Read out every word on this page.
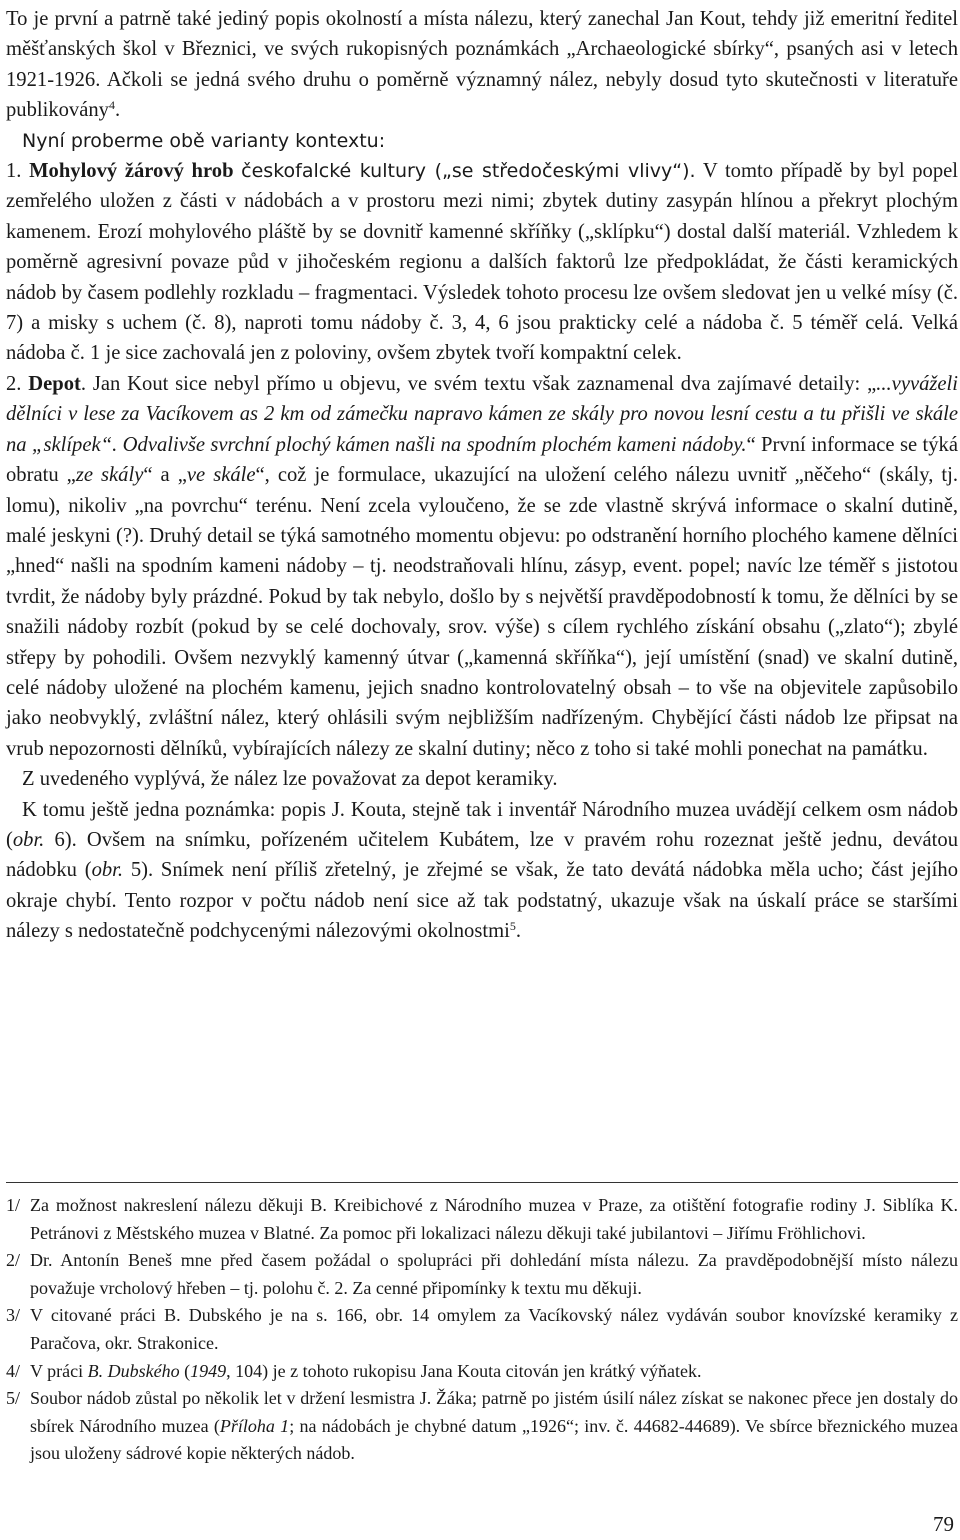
To je první a patrně také jediný popis okolností a místa nálezu, který zanechal Jan Kout, tehdy již emeritní ředitel měšťanských škol v Březnici, ve svých rukopisných poznámkách „Archaeologické sbírky“, psaných asi v letech 1921-1926. Ačkoli se jedná svého druhu o poměrně významný nález, nebyly dosud tyto skutečnosti v literatuře publikovány$^4$.

Nyní proberme obě varianty kontextu:

1. Mohylový žárový hrob českofalcké kultury („se středočeskými vlivy“). V tomto případě by byl popel zemřelého uložen z části v nádobách a v prostoru mezi nimi; zbytek dutiny zasypán hlínou a překryt plochým kamenem. Erozí mohylového pláště by se dovnitř kamenné skříňky („sklípku“) dostal další materiál. Vzhledem k poměrně agresivní povaze půd v jihočeském regionu a dalších faktorů lze předpokládat, že části keramických nádob by časem podlehly rozkladu – fragmentaci. Výsledek tohoto procesu lze ovšem sledovat jen u velké mísy (č. 7) a misky s uchem (č. 8), naproti tomu nádoby č. 3, 4, 6 jsou prakticky celé a nádoba č. 5 téměř celá. Velká nádoba č. 1 je sice zachovalá jen z poloviny, ovšem zbytek tvoří kompaktní celek.

2. Depot. Jan Kout sice nebyl přímo u objevu, ve svém textu však zaznamenal dva zajímavé detaily: „...vyváželi dělníci v lese za Vacíkovem as 2 km od zámečku napravo kámen ze skály pro novou lesní cestu a tu přišli ve skále na „sklípek“. Odvalivše svrchní plochý kámen našli na spodním plochém kameni nádoby.“ První informace se týká obratu „ze skály“ a „ve skále“, což je formulace, ukazující na uložení celého nálezu uvnitř „něčeho“ (skály, tj. lomu), nikoliv „na povrchu“ terénu. Není zcela vyloučeno, že se zde vlastně skrývá informace o skalní dutině, malé jeskyni (?). Druhý detail se týká samotného momentu objevu: po odstranění horního plochého kamene dělníci „hned“ našli na spodním kameni nádoby – tj. neodstraňovali hlínu, zásyp, event. popel; navíc lze téměř s jistotou tvrdit, že nádoby byly prázdné. Pokud by tak nebylo, došlo by s největší pravděpodobností k tomu, že dělníci by se snažili nádoby rozbít (pokud by se celé dochovaly, srov. výše) s cílem rychlého získání obsahu („zlato“); zbylé střepy by pohodili. Ovšem nezvyklý kamenný útvar („kamenná skříňka“), její umístění (snad) ve skalní dutině, celé nádoby uložené na plochém kamenu, jejich snadno kontrolovatelný obsah – to vše na objevitele zapůsobilo jako neobvyklý, zvláštní nález, který ohlásili svým nejbližším nadřízeným. Chybějící části nádob lze připsat na vrub nepozornosti dělníků, vybírajících nálezy ze skalní dutiny; něco z toho si také mohli ponechat na památku.

Z uvedeného vyplývá, že nález lze považovat za depot keramiky.

K tomu ještě jedna poznámka: popis J. Kouta, stejně tak i inventář Národního muzea uvádějí celkem osm nádob (obr. 6). Ovšem na snímku, pořízeném učitelem Kubátem, lze v pravém rohu rozeznat ještě jednu, devátou nádobku (obr. 5). Snímek není příliš zřetelný, je zřejmé se však, že tato devátá nádobka měla ucho; část jejího okraje chybí. Tento rozpor v počtu nádob není sice až tak podstatný, ukazuje však na úskalí práce se staršími nálezy s nedostatečně podchycenými nálezovými okolnostmi$^5$.

1/ Za možnost nakreslení nálezu děkuji B. Kreibichové z Národního muzea v Praze, za otištění fotografie rodiny J. Siblíka K. Petránovi z Městského muzea v Blatné. Za pomoc při lokalizaci nálezu děkuji také jubilantovi – Jiřímu Fröhlichovi.

2/ Dr. Antonín Beneš mne před časem požádal o spolupráci při dohledání místa nálezu. Za pravděpodobnější místo nálezu považuje vrcholový hřeben – tj. polohu č. 2. Za cenné připomínky k textu mu děkuji.

3/ V citované práci B. Dubského je na s. 166, obr. 14 omylem za Vacíkovský nález vydáván soubor knovízské keramiky z Paračova, okr. Strakonice.

4/ V práci B. Dubského (1949, 104) je z tohoto rukopisu Jana Kouta citován jen krátký výňatek.

5/ Soubor nádob zůstal po několik let v držení lesmistra J. Žáka; patrně po jistém úsilí nález získat se nakonec přece jen dostaly do sbírek Národního muzea (Příloha 1; na nádobách je chybné datum „1926“; inv. č. 44682-44689). Ve sbírce březnického muzea jsou uloženy sádrové kopie některých nádob.

79
